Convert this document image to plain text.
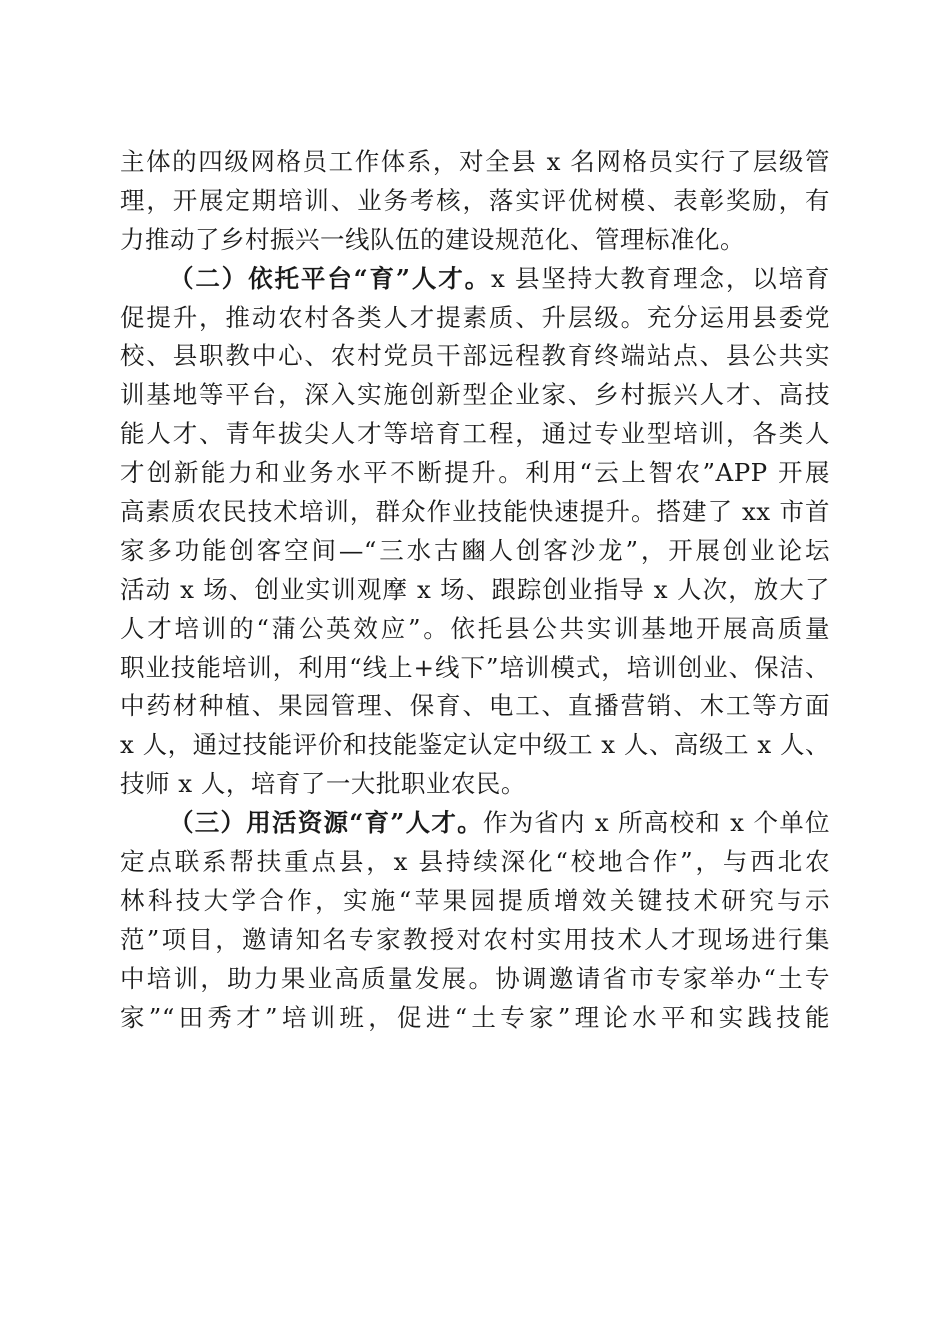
主体的四级网格员工作体系，对全县 x 名网格员实行了层级管
理，开展定期培训、业务考核，落实评优树模、表彰奖励，有
力推动了乡村振兴一线队伍的建设规范化、管理标准化。
（二）依托平台“育”人才。x 县坚持大教育理念，以培育
促提升，推动农村各类人才提素质、升层级。充分运用县委党
校、县职教中心、农村党员干部远程教育终端站点、县公共实
训基地等平台，深入实施创新型企业家、乡村振兴人才、高技
能人才、青年拔尖人才等培育工程，通过专业型培训，各类人
才创新能力和业务水平不断提升。利用“云上智农”APP 开展
高素质农民技术培训，群众作业技能快速提升。搭建了 xx 市首
家多功能创客空间—“三水古豳人创客沙龙”，开展创业论坛
活动 x 场、创业实训观摩 x 场、跟踪创业指导 x 人次，放大了
人才培训的“蒲公英效应”。依托县公共实训基地开展高质量
职业技能培训，利用“线上+线下”培训模式，培训创业、保洁、
中药材种植、果园管理、保育、电工、直播营销、木工等方面
x 人，通过技能评价和技能鉴定认定中级工 x 人、高级工 x 人、
技师 x 人，培育了一大批职业农民。
（三）用活资源“育”人才。作为省内 x 所高校和 x 个单位
定点联系帮扶重点县，x 县持续深化“校地合作”，与西北农
林科技大学合作，实施“苹果园提质增效关键技术研究与示
范”项目，邀请知名专家教授对农村实用技术人才现场进行集
中培训，助力果业高质量发展。协调邀请省市专家举办“土专
家”“田秀才”培训班，促进“土专家”理论水平和实践技能
